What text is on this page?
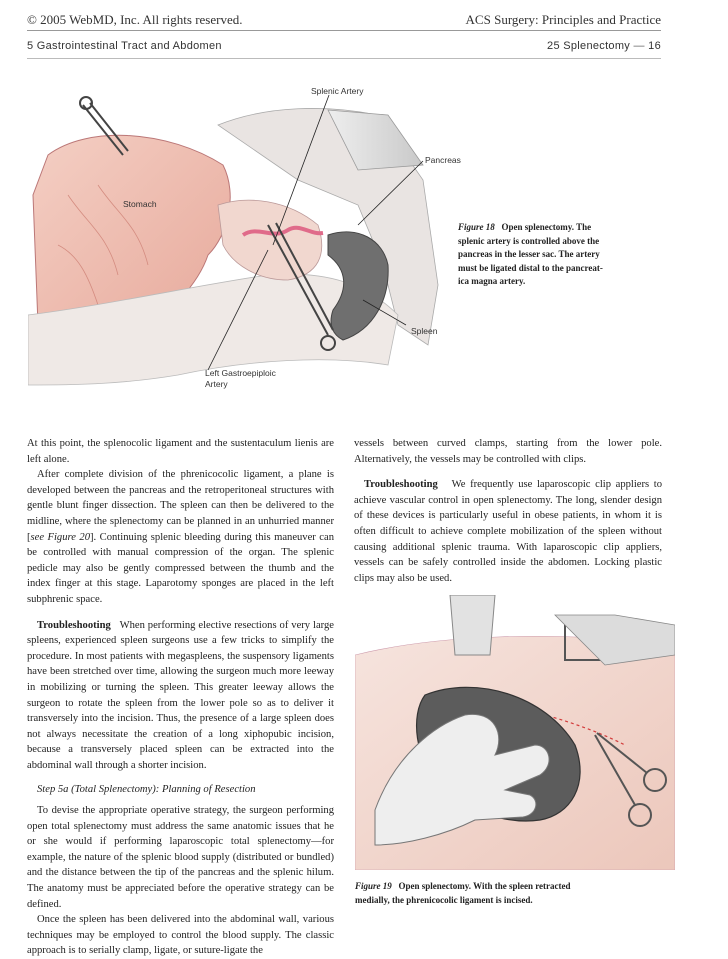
© 2005 WebMD, Inc. All rights reserved.	ACS Surgery: Principles and Practice
5 Gastrointestinal Tract and Abdomen	25 Splenectomy — 16
Splenic Artery
Pancreas
Stomach
Spleen
Left Gastroepiploic
Artery
Figure 18 Open splenectomy. The
splenic artery is controlled above the
pancreas in the lesser sac. The artery
must be ligated distal to the pancreat-
ica magna artery.

At this point, the splenocolic ligament and the sustentaculum lienis are left alone.

After complete division of the phrenicocolic ligament, a plane is developed between the pancreas and the retroperitoneal structures with gentle blunt finger dissection. The spleen can then be delivered to the midline, where the splenectomy can be planned in an unhurried manner [see Figure 20]. Continuing splenic bleeding during this maneuver can be controlled with manual compression of the organ. The splenic pedicle may also be gently compressed between the thumb and the index finger at this stage. Laparotomy sponges are placed in the left subphrenic space.

Troubleshooting When performing elective resections of very large spleens, experienced spleen surgeons use a few tricks to simplify the procedure. In most patients with megaspleens, the suspensory ligaments have been stretched over time, allowing the surgeon much more leeway in mobilizing or turning the spleen. This greater leeway allows the surgeon to rotate the spleen from the lower pole so as to deliver it transversely into the incision. Thus, the presence of a large spleen does not always necessitate the creation of a long xiphopubic incision, because a transversely placed spleen can be extracted into the abdominal wall through a shorter incision.

Step 5a (Total Splenectomy): Planning of Resection

To devise the appropriate operative strategy, the surgeon performing open total splenectomy must address the same anatomic issues that he or she would if performing laparoscopic total splenectomy—for example, the nature of the splenic blood supply (distributed or bundled) and the distance between the tip of the pancreas and the splenic hilum. The anatomy must be appreciated before the operative strategy can be defined.

Once the spleen has been delivered into the abdominal wall, various techniques may be employed to control the blood supply. The classic approach is to serially clamp, ligate, or suture-ligate the

vessels between curved clamps, starting from the lower pole. Alternatively, the vessels may be controlled with clips.

Troubleshooting We frequently use laparoscopic clip appliers to achieve vascular control in open splenectomy. The long, slender design of these devices is particularly useful in obese patients, in whom it is often difficult to achieve complete mobilization of the spleen without causing additional splenic trauma. With laparoscopic clip appliers, vessels can be safely controlled inside the abdomen. Locking plastic clips may also be used.

Figure 19 Open splenectomy. With the spleen retracted
medially, the phrenicocolic ligament is incised.
